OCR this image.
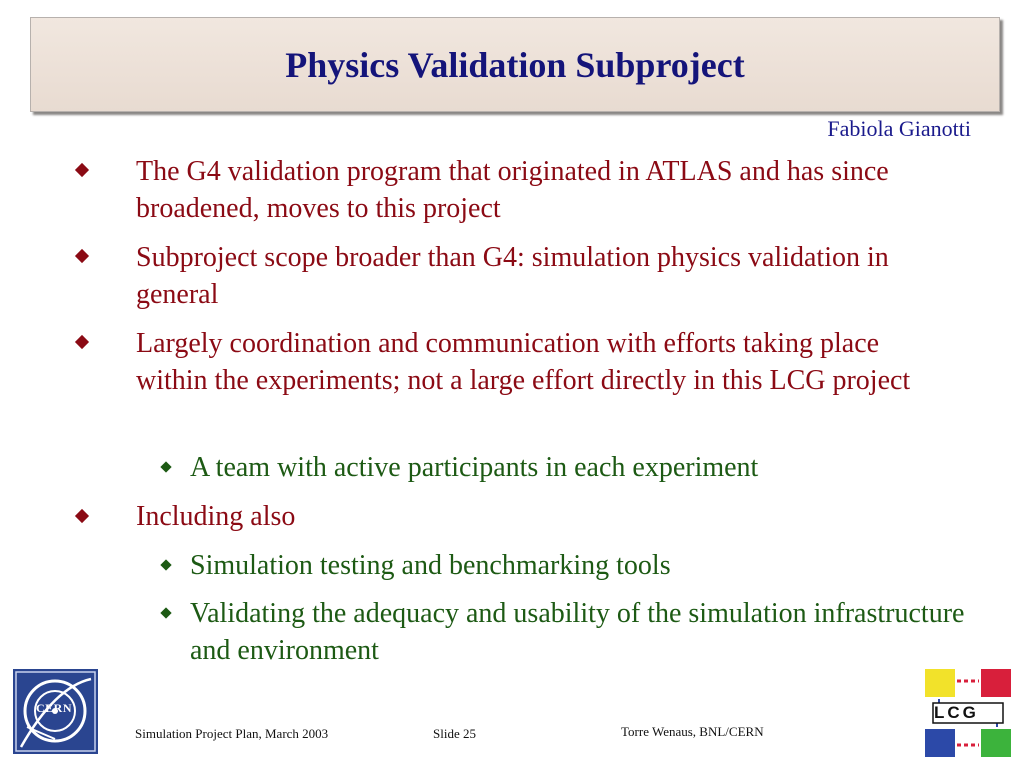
Physics Validation Subproject
Fabiola Gianotti
The G4 validation program that originated in ATLAS and has since broadened, moves to this project
Subproject scope broader than G4: simulation physics validation in general
Largely coordination and communication with efforts taking place within the experiments; not a large effort directly in this LCG project
A team with active participants in each experiment
Including also
Simulation testing and benchmarking tools
Validating the adequacy and usability of the simulation infrastructure and environment
CERN
Simulation Project Plan, March 2003	Slide 25	Torre Wenaus, BNL/CERN
LCG
